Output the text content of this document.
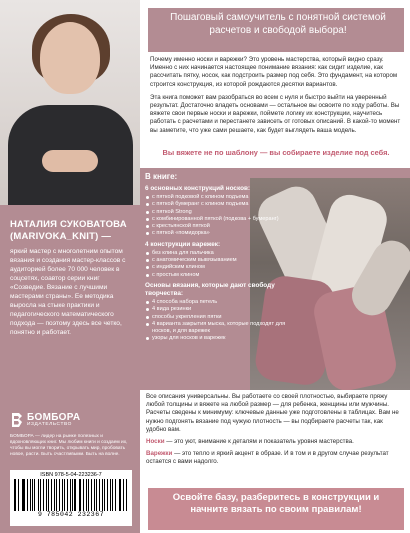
НАТАЛИЯ СУКОВАТОВА (MARIVOKA_KNIT) —
яркий мастер с многолетним опытом вязания и создания мастер-классов с аудиторией более 70 000 человек в соцсетях, соавтор серии книг «Созведие. Вязание с лучшими мастерами страны». Ее методика выросла на стыке практики и педагогического математического подхода — поэтому здесь все четко, понятно и работает.
БОМБОРА
ИЗДАТЕЛЬСТВО
БОМБОРА — лидер на рынке полезных и вдохновляющих книг. Мы любим книги и создаем их, чтобы вы могли творить, открывать мир, пробовать новое, расти. Быть счастливыми. Быть на волне.
ISBN 978-5-04-223236-7
9 785042 232367
Пошаговый самоучитель с понятной системой расчетов и свободой выбора!

Почему именно носки и варежки? Это уровень мастерства, который видно сразу. Именно с них начинается настоящее понимание вязания: как сидит изделие, как рассчитать пятку, носок, как подстроить размер под себя. Это фундамент, на котором строится конструкция, из которой рождаются десятки вариантов.

Эта книга поможет вам разобраться во всем с нуля и быстро выйти на уверенный результат. Достаточно владеть основами — остальное вы освоите по ходу работы. Вы вяжете свои первые носки и варежки, поймете логику их конструкции, научитесь работать с расчетами и перестанете зависеть от готовых описаний. В какой-то момент вы заметите, что уже сами решаете, как будет выглядеть ваша модель.

Вы вяжете не по шаблону — вы собираете изделие под себя.
В книге:
6 основных конструкций носков:
с пяткой подковой с клином подъема
с пяткой бумеранг с клином подъема
с пяткой Strong
с комбинированной пяткой (подкова + бумеранг)
с крестьянской пяткой
с пяткой «помидорка»
4 конструкции варежек:
без клина для пальчика
с анатомическим вывязыванием
с индийским клином
с простым клином
Основы вязания, которые дают свободу творчества:
4 способа набора петель
4 вида резинки
способы укрепления пятки
4 варианта закрытия мыска, которые подходят для носков, и для варежек
узоры для носков и варежек

Все описания универсальны. Вы работаете со своей плотностью, выбираете пряжу любой толщины и вяжете на любой размер — для ребенка, женщины или мужчины. Расчеты сведены к минимуму: ключевые данные уже подготовлены в таблицах. Вам не нужно подгонять вязание под чужую плотность — вы подбираете расчеты так, как удобно вам.

Носки — это уют, внимание к деталям и показатель уровня мастерства.

Варежки — это тепло и яркий акцент в образе. И в том и в другом случае результат остается с вами надолго.

Освойте базу, разберитесь в конструкции и начните вязать по своим правилам!
